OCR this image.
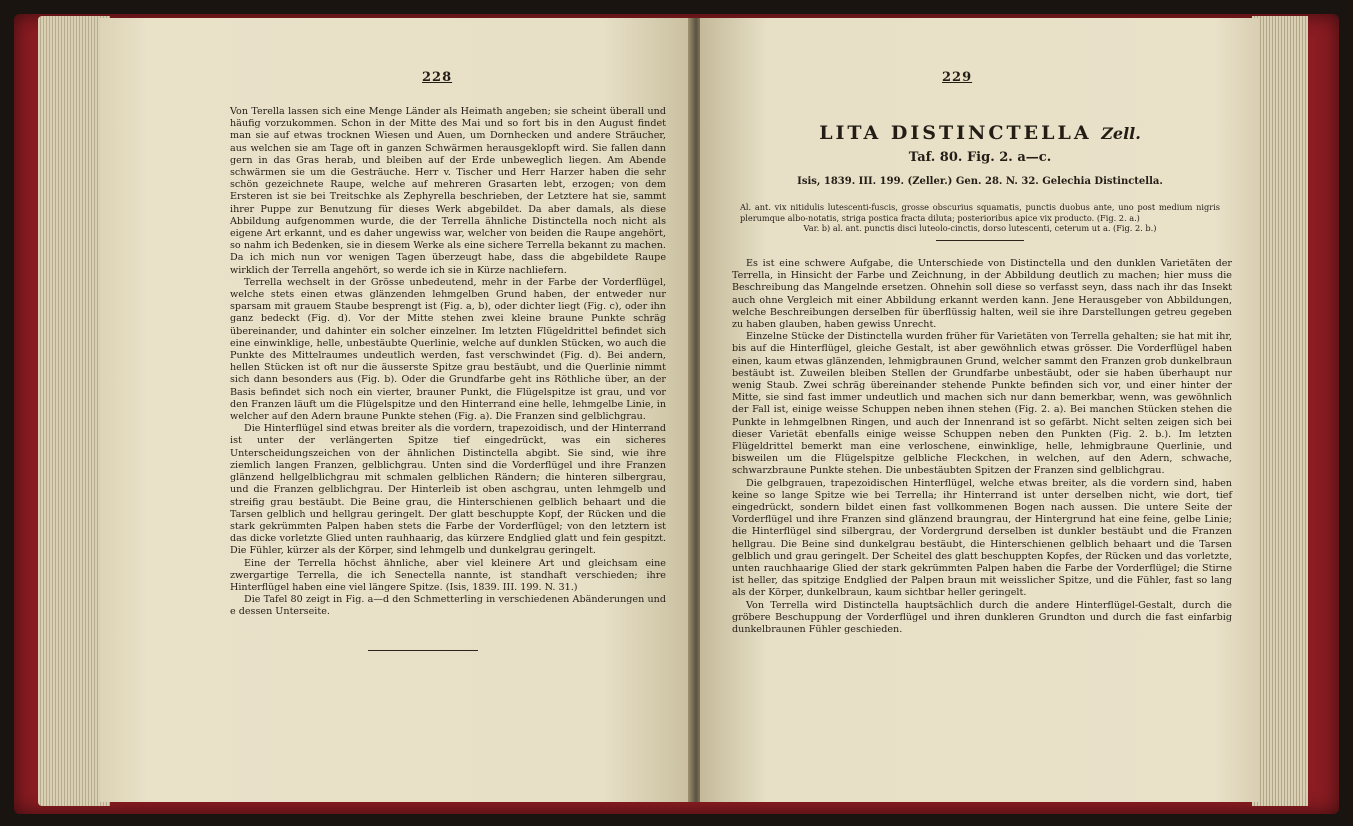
228

Von Terella lassen sich eine Menge Länder als Heimath angeben; sie scheint überall und häufig vorzukommen. Schon in der Mitte des Mai und so fort bis in den August findet man sie auf etwas trocknen Wiesen und Auen, um Dornhecken und andere Sträucher, aus welchen sie am Tage oft in ganzen Schwärmen herausgeklopft wird. Sie fallen dann gern in das Gras herab, und bleiben auf der Erde unbeweglich liegen. Am Abende schwärmen sie um die Gesträuche. Herr v. Tischer und Herr Harzer haben die sehr schön gezeichnete Raupe, welche auf mehreren Grasarten lebt, erzogen; von dem Ersteren ist sie bei Treitschke als Zephyrella beschrieben, der Letztere hat sie, sammt ihrer Puppe zur Benutzung für dieses Werk abgebildet. Da aber damals, als diese Abbildung aufgenommen wurde, die der Terrella ähnliche Distinctella noch nicht als eigene Art erkannt, und es daher ungewiss war, welcher von beiden die Raupe angehört, so nahm ich Bedenken, sie in diesem Werke als eine sichere Terrella bekannt zu machen. Da ich mich nun vor wenigen Tagen überzeugt habe, dass die abgebildete Raupe wirklich der Terrella angehört, so werde ich sie in Kürze nachliefern.

Terrella wechselt in der Grösse unbedeutend, mehr in der Farbe der Vorderflügel, welche stets einen etwas glänzenden lehmgelben Grund haben, der entweder nur sparsam mit grauem Staube besprengt ist (Fig. a, b), oder dichter liegt (Fig. c), oder ihn ganz bedeckt (Fig. d). Vor der Mitte stehen zwei kleine braune Punkte schräg übereinander, und dahinter ein solcher einzelner. Im letzten Flügeldrittel befindet sich eine einwinklige, helle, unbestäubte Querlinie, welche auf dunklen Stücken, wo auch die Punkte des Mittelraumes undeutlich werden, fast verschwindet (Fig. d). Bei andern, hellen Stücken ist oft nur die äusserste Spitze grau bestäubt, und die Querlinie nimmt sich dann besonders aus (Fig. b). Oder die Grundfarbe geht ins Röthliche über, an der Basis befindet sich noch ein vierter, brauner Punkt, die Flügelspitze ist grau, und vor den Franzen läuft um die Flügelspitze und den Hinterrand eine helle, lehmgelbe Linie, in welcher auf den Adern braune Punkte stehen (Fig. a). Die Franzen sind gelblichgrau.

Die Hinterflügel sind etwas breiter als die vordern, trapezoidisch, und der Hinterrand ist unter der verlängerten Spitze tief eingedrückt, was ein sicheres Unterscheidungszeichen von der ähnlichen Distinctella abgibt. Sie sind, wie ihre ziemlich langen Franzen, gelblichgrau. Unten sind die Vorderflügel und ihre Franzen glänzend hellgelblichgrau mit schmalen gelblichen Rändern; die hinteren silbergrau, und die Franzen gelblichgrau. Der Hinterleib ist oben aschgrau, unten lehmgelb und streifig grau bestäubt. Die Beine grau, die Hinterschienen gelblich behaart und die Tarsen gelblich und hellgrau geringelt. Der glatt beschuppte Kopf, der Rücken und die stark gekrümmten Palpen haben stets die Farbe der Vorderflügel; von den letztern ist das dicke vorletzte Glied unten rauhhaarig, das kürzere Endglied glatt und fein gespitzt. Die Fühler, kürzer als der Körper, sind lehmgelb und dunkelgrau geringelt.

Eine der Terrella höchst ähnliche, aber viel kleinere Art und gleichsam eine zwergartige Terrella, die ich Senectella nannte, ist standhaft verschieden; ihre Hinterflügel haben eine viel längere Spitze. (Isis, 1839. III. 199. N. 31.)

Die Tafel 80 zeigt in Fig. a—d den Schmetterling in verschiedenen Abänderungen und e dessen Unterseite.

229
LITA DISTINCTELLA Zell.
Taf. 80. Fig. 2. a—c.
Isis, 1839. III. 199. (Zeller.) Gen. 28. N. 32. Gelechia Distinctella.

Al. ant. vix nitidulis lutescenti-fuscis, grosse obscurius squamatis, punctis duobus ante, uno post medium nigris plerumque albo-notatis, striga postica fracta diluta; posterioribus apice vix producto. (Fig. 2. a.)

Var. b) al. ant. punctis disci luteolo-cinctis, dorso lutescenti, ceterum ut a. (Fig. 2. b.)

Es ist eine schwere Aufgabe, die Unterschiede von Distinctella und den dunklen Varietäten der Terrella, in Hinsicht der Farbe und Zeichnung, in der Abbildung deutlich zu machen; hier muss die Beschreibung das Mangelnde ersetzen. Ohnehin soll diese so verfasst seyn, dass nach ihr das Insekt auch ohne Vergleich mit einer Abbildung erkannt werden kann. Jene Herausgeber von Abbildungen, welche Beschreibungen derselben für überflüssig halten, weil sie ihre Darstellungen getreu gegeben zu haben glauben, haben gewiss Unrecht.

Einzelne Stücke der Distinctella wurden früher für Varietäten von Terrella gehalten; sie hat mit ihr, bis auf die Hinterflügel, gleiche Gestalt, ist aber gewöhnlich etwas grösser. Die Vorderflügel haben einen, kaum etwas glänzenden, lehmigbraunen Grund, welcher sammt den Franzen grob dunkelbraun bestäubt ist. Zuweilen bleiben Stellen der Grundfarbe unbestäubt, oder sie haben überhaupt nur wenig Staub. Zwei schräg übereinander stehende Punkte befinden sich vor, und einer hinter der Mitte, sie sind fast immer undeutlich und machen sich nur dann bemerkbar, wenn, was gewöhnlich der Fall ist, einige weisse Schuppen neben ihnen stehen (Fig. 2. a). Bei manchen Stücken stehen die Punkte in lehmgelbnen Ringen, und auch der Innenrand ist so gefärbt. Nicht selten zeigen sich bei dieser Varietät ebenfalls einige weisse Schuppen neben den Punkten (Fig. 2. b.). Im letzten Flügeldrittel bemerkt man eine verloschene, einwinklige, helle, lehmigbraune Querlinie, und bisweilen um die Flügelspitze gelbliche Fleckchen, in welchen, auf den Adern, schwache, schwarzbraune Punkte stehen. Die unbestäubten Spitzen der Franzen sind gelblichgrau.

Die gelbgrauen, trapezoidischen Hinterflügel, welche etwas breiter, als die vordern sind, haben keine so lange Spitze wie bei Terrella; ihr Hinterrand ist unter derselben nicht, wie dort, tief eingedrückt, sondern bildet einen fast vollkommenen Bogen nach aussen. Die untere Seite der Vorderflügel und ihre Franzen sind glänzend braungrau, der Hintergrund hat eine feine, gelbe Linie; die Hinterflügel sind silbergrau, der Vordergrund derselben ist dunkler bestäubt und die Franzen hellgrau. Die Beine sind dunkelgrau bestäubt, die Hinterschienen gelblich behaart und die Tarsen gelblich und grau geringelt. Der Scheitel des glatt beschuppten Kopfes, der Rücken und das vorletzte, unten rauchhaarige Glied der stark gekrümmten Palpen haben die Farbe der Vorderflügel; die Stirne ist heller, das spitzige Endglied der Palpen braun mit weisslicher Spitze, und die Fühler, fast so lang als der Körper, dunkelbraun, kaum sichtbar heller geringelt.

Von Terrella wird Distinctella hauptsächlich durch die andere Hinterflügel-Gestalt, durch die gröbere Beschuppung der Vorderflügel und ihren dunkleren Grundton und durch die fast einfarbig dunkelbraunen Fühler geschieden.
